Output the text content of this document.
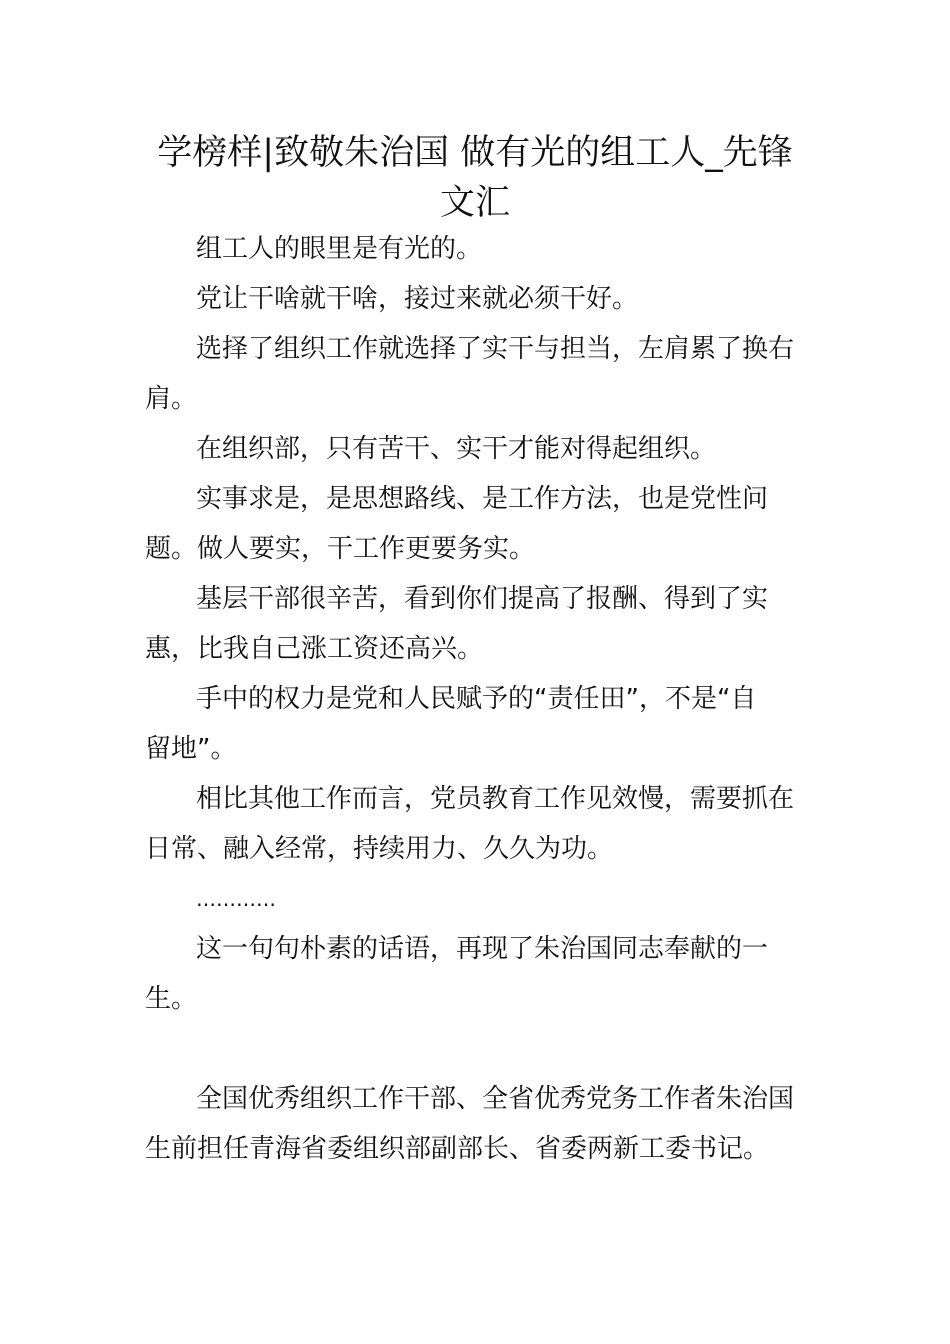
学榜样|致敬朱治国 做有光的组工人_先锋
文汇

组工人的眼里是有光的。

党让干啥就干啥，接过来就必须干好。

选择了组织工作就选择了实干与担当，左肩累了换右

肩。

在组织部，只有苦干、实干才能对得起组织。

实事求是，是思想路线、是工作方法，也是党性问

题。做人要实，干工作更要务实。

基层干部很辛苦，看到你们提高了报酬、得到了实

惠，比我自己涨工资还高兴。

手中的权力是党和人民赋予的“责任田”，不是“自

留地”。

相比其他工作而言，党员教育工作见效慢，需要抓在

日常、融入经常，持续用力、久久为功。

…………

这一句句朴素的话语，再现了朱治国同志奉献的一

生。

全国优秀组织工作干部、全省优秀党务工作者朱治国

生前担任青海省委组织部副部长、省委两新工委书记。
